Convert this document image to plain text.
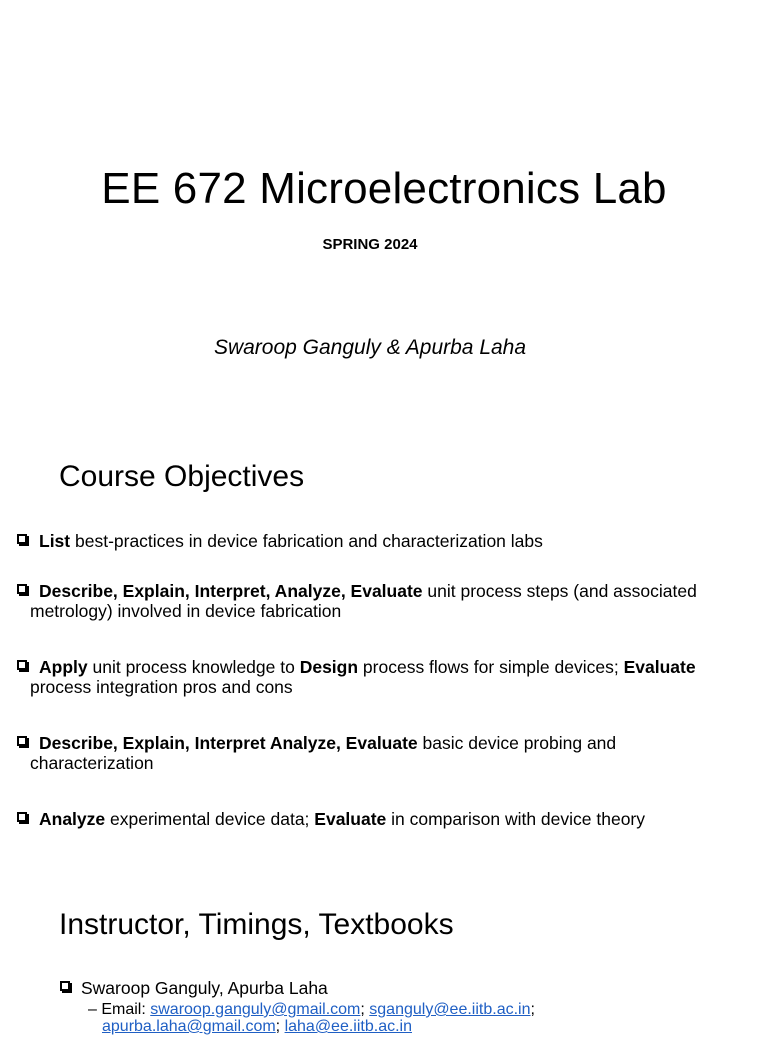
EE 672 Microelectronics Lab
SPRING 2024
Swaroop Ganguly & Apurba Laha
Course Objectives
List best-practices in device fabrication and characterization labs
Describe, Explain, Interpret, Analyze, Evaluate unit process steps (and associated
metrology) involved in device fabrication
Apply unit process knowledge to Design process flows for simple devices; Evaluate
process integration pros and cons
Describe, Explain, Interpret Analyze, Evaluate basic device probing and
characterization
Analyze experimental device data; Evaluate in comparison with device theory
Instructor, Timings, Textbooks
Swaroop Ganguly, Apurba Laha
– Email: swaroop.ganguly@gmail.com; sganguly@ee.iitb.ac.in;
apurba.laha@gmail.com; laha@ee.iitb.ac.in
